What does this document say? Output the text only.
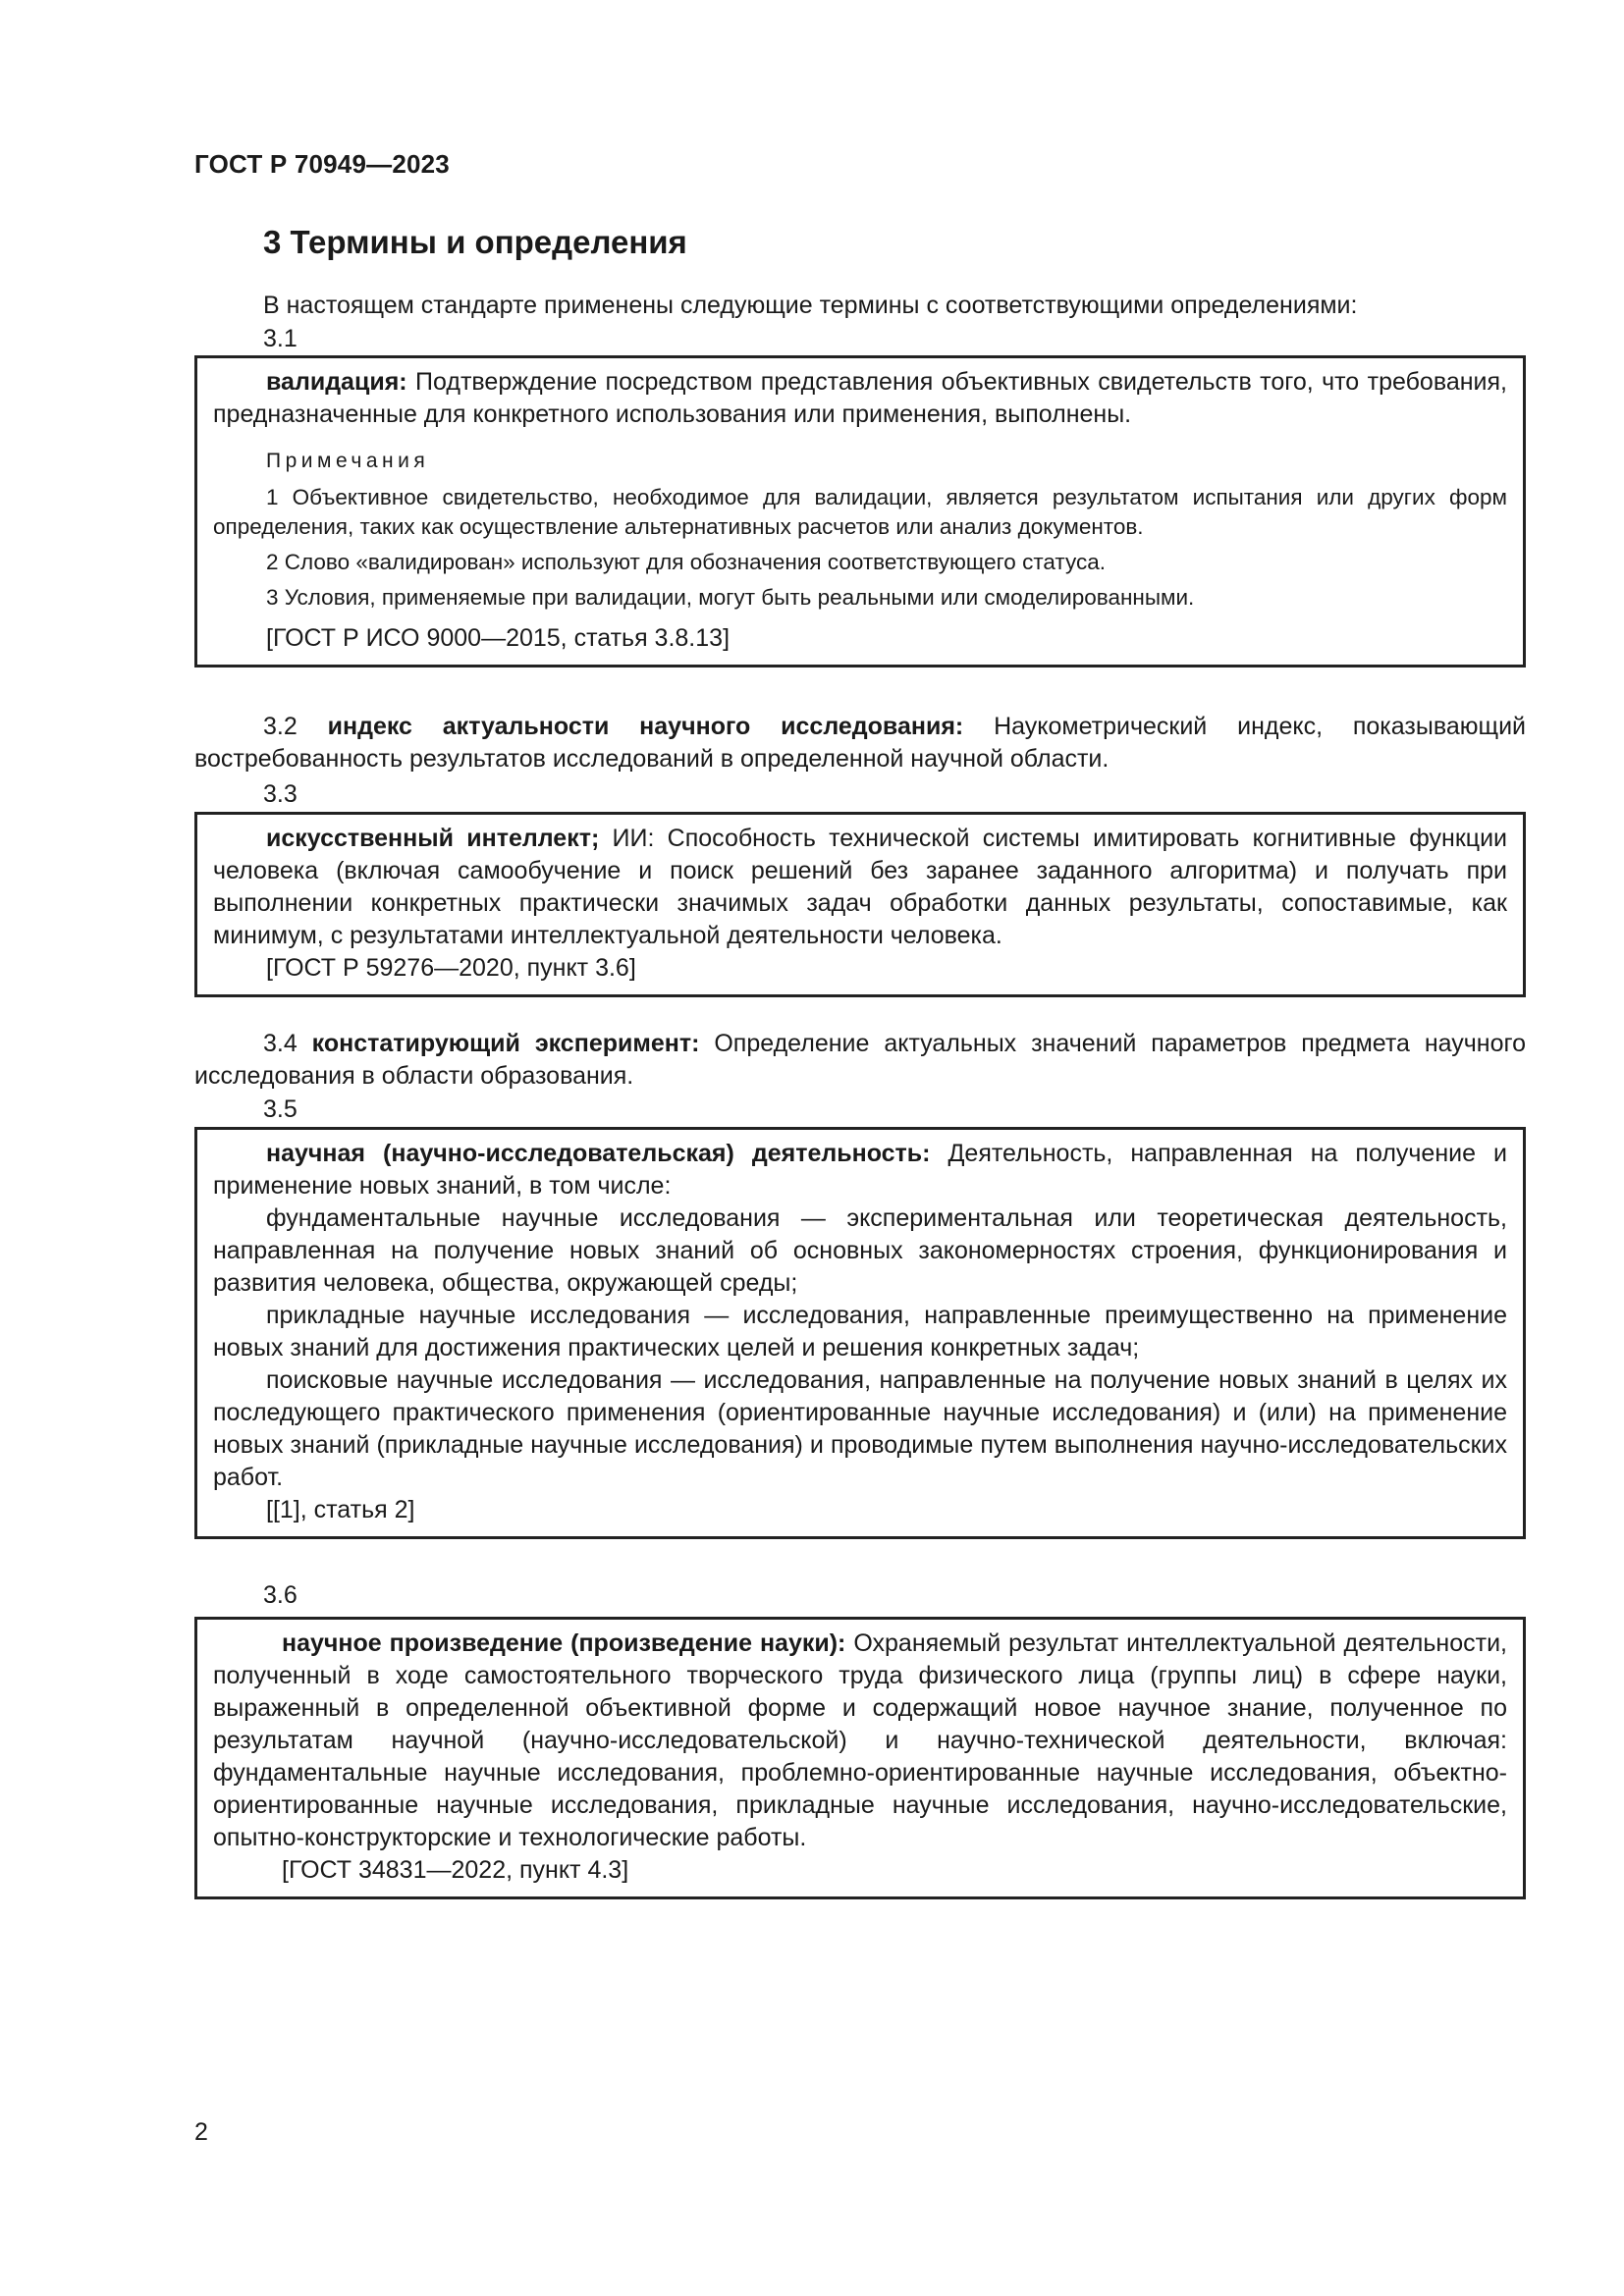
ГОСТ Р 70949—2023
3 Термины и определения
В настоящем стандарте применены следующие термины с соответствующими определениями:
3.1

валидация: Подтверждение посредством представления объективных свидетельств того, что требования, предназначенные для конкретного использования или применения, выполнены.

Примечания

1 Объективное свидетельство, необходимое для валидации, является результатом испытания или других форм определения, таких как осуществление альтернативных расчетов или анализ документов.

2 Слово «валидирован» используют для обозначения соответствующего статуса.

3 Условия, применяемые при валидации, могут быть реальными или смоделированными.

[ГОСТ Р ИСО 9000—2015, статья 3.8.13]

3.2 индекс актуальности научного исследования: Наукометрический индекс, показывающий востребованность результатов исследований в определенной научной области.

3.3

искусственный интеллект; ИИ: Способность технической системы имитировать когнитивные функции человека (включая самообучение и поиск решений без заранее заданного алгоритма) и получать при выполнении конкретных практически значимых задач обработки данных результаты, сопоставимые, как минимум, с результатами интеллектуальной деятельности человека.

[ГОСТ Р 59276—2020, пункт 3.6]

3.4 констатирующий эксперимент: Определение актуальных значений параметров предмета научного исследования в области образования.

3.5

научная (научно-исследовательская) деятельность: Деятельность, направленная на получение и применение новых знаний, в том числе:

фундаментальные научные исследования — экспериментальная или теоретическая деятельность, направленная на получение новых знаний об основных закономерностях строения, функционирования и развития человека, общества, окружающей среды;

прикладные научные исследования — исследования, направленные преимущественно на применение новых знаний для достижения практических целей и решения конкретных задач;

поисковые научные исследования — исследования, направленные на получение новых знаний в целях их последующего практического применения (ориентированные научные исследования) и (или) на применение новых знаний (прикладные научные исследования) и проводимые путем выполнения научно-исследовательских работ.

[[1], статья 2]

3.6

научное произведение (произведение науки): Охраняемый результат интеллектуальной деятельности, полученный в ходе самостоятельного творческого труда физического лица (группы лиц) в сфере науки, выраженный в определенной объективной форме и содержащий новое научное знание, полученное по результатам научной (научно-исследовательской) и научно-технической деятельности, включая: фундаментальные научные исследования, проблемно-ориентированные научные исследования, объектно-ориентированные научные исследования, прикладные научные исследования, научно-исследовательские, опытно-конструкторские и технологические работы.

[ГОСТ 34831—2022, пункт 4.3]

2
